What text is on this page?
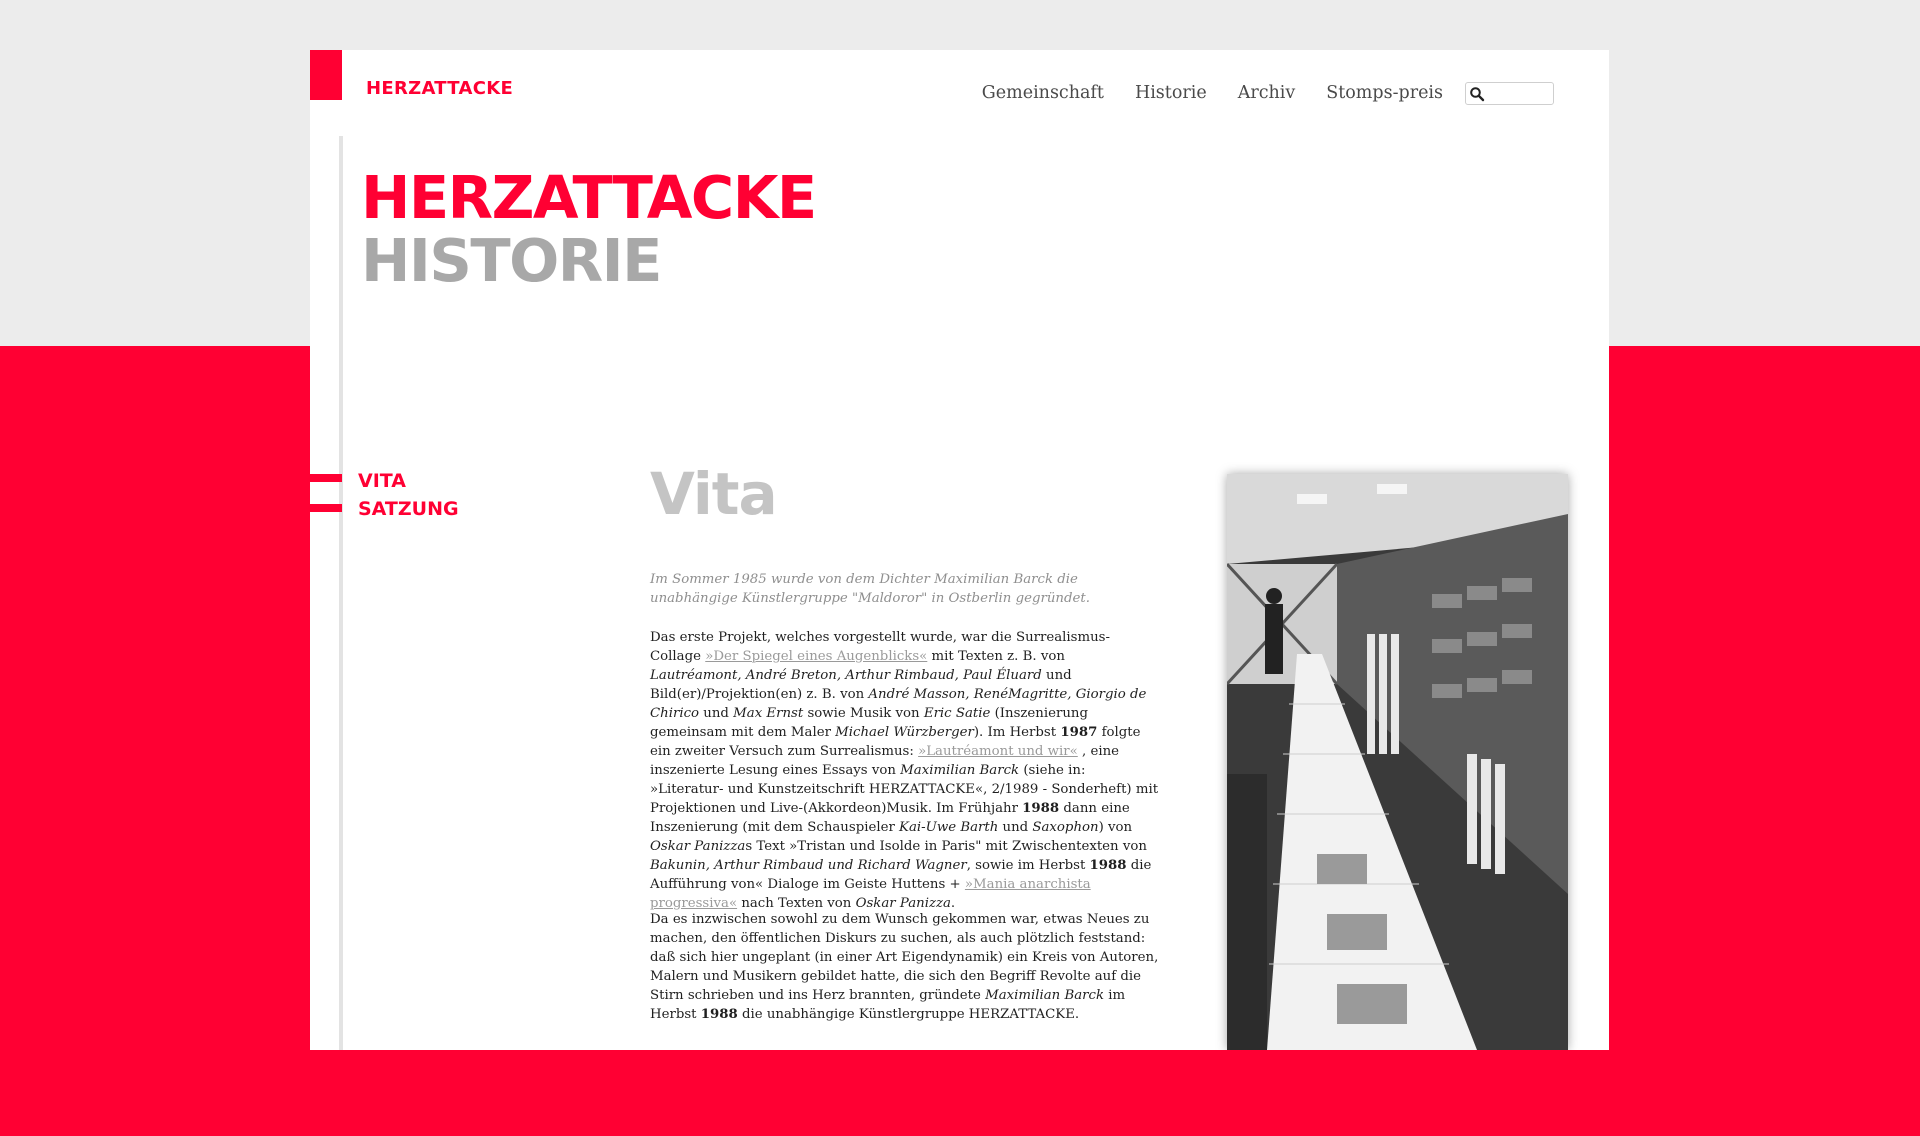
HERZATTACKE	Gemeinschaft Historie Archiv Stomps-preis
HERZATTACKE
HISTORIE
VITA
SATZUNG	Vita

Im Sommer 1985 wurde von dem Dichter Maximilian Barck die unabhängige Künstlergruppe "Maldoror" in Ostberlin gegründet.

Das erste Projekt, welches vorgestellt wurde, war die Surrealismus-Collage »Der Spiegel eines Augenblicks« mit Texten z. B. von Lautréamont, André Breton, Arthur Rimbaud, Paul Éluard und Bild(er)/Projektion(en) z. B. von André Masson, RenéMagritte, Giorgio de Chirico und Max Ernst sowie Musik von Eric Satie (Inszenierung gemeinsam mit dem Maler Michael Würzberger). Im Herbst 1987 folgte ein zweiter Versuch zum Surrealismus: »Lautréamont und wir« , eine inszenierte Lesung eines Essays von Maximilian Barck (siehe in: »Literatur- und Kunstzeitschrift HERZATTACKE«, 2/1989 - Sonderheft) mit Projektionen und Live-(Akkordeon)Musik. Im Frühjahr 1988 dann eine Inszenierung (mit dem Schauspieler Kai-Uwe Barth und Saxophon) von Oskar Panizzas Text »Tristan und Isolde in Paris" mit Zwischentexten von Bakunin, Arthur Rimbaud und Richard Wagner, sowie im Herbst 1988 die Aufführung von« Dialoge im Geiste Huttens + »Mania anarchista progressiva« nach Texten von Oskar Panizza.

Da es inzwischen sowohl zu dem Wunsch gekommen war, etwas Neues zu machen, den öffentlichen Diskurs zu suchen, als auch plötzlich feststand: daß sich hier ungeplant (in einer Art Eigendynamik) ein Kreis von Autoren, Malern und Musikern gebildet hatte, die sich den Begriff Revolte auf die Stirn schrieben und ins Herz brannten, gründete Maximilian Barck im Herbst 1988 die unabhängige Künstlergruppe HERZATTACKE.
